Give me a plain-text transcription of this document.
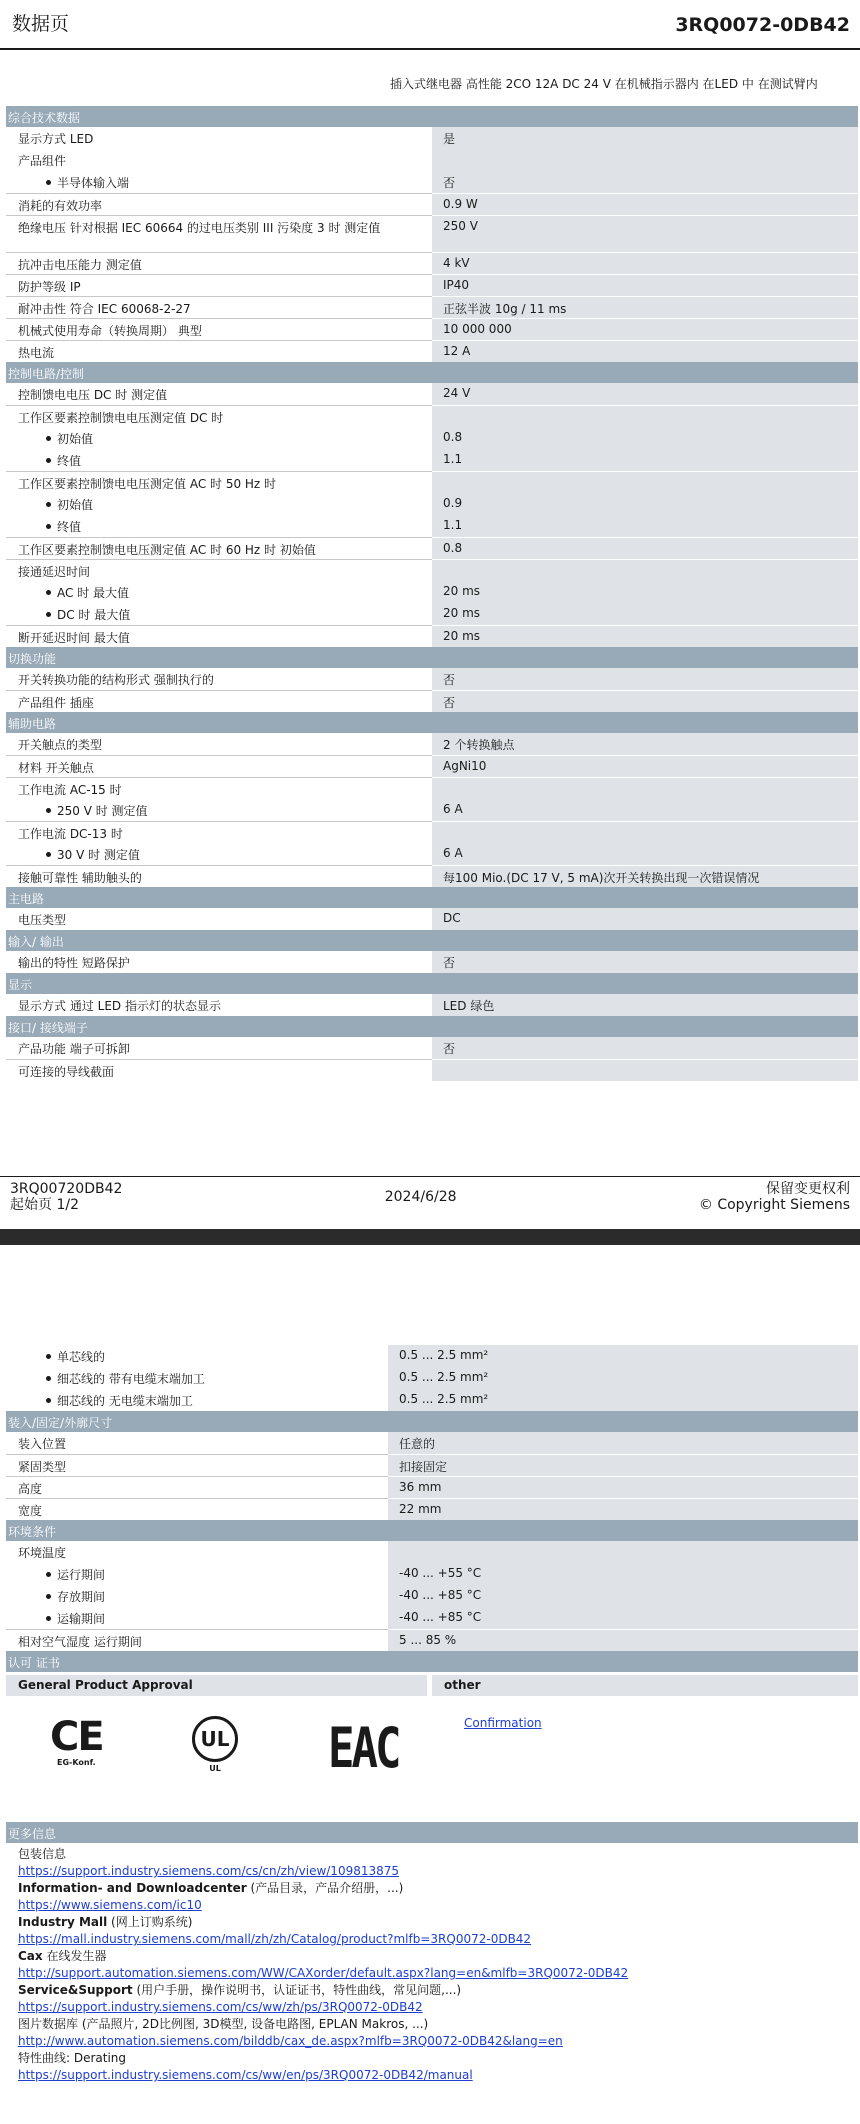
数据页	3RQ0072-0DB42
插入式继电器 高性能 2CO 12A DC 24 V 在机械指示器内 在LED 中 在测试臂内
综合技术数据	
显示方式 LED	是
产品组件	
半导体输入端	否
消耗的有效功率	0.9 W
绝缘电压 针对根据 IEC 60664 的过电压类别 III 污染度 3 时 测定值	250 V
抗冲击电压能力 测定值	4 kV
防护等级 IP	IP40
耐冲击性 符合 IEC 60068-2-27	正弦半波 10g / 11 ms
机械式使用寿命（转换周期） 典型	10 000 000
热电流	12 A
控制电路/控制	
控制馈电电压 DC 时 测定值	24 V
工作区要素控制馈电电压测定值 DC 时	
初始值	0.8
终值	1.1
工作区要素控制馈电电压测定值 AC 时 50 Hz 时	
初始值	0.9
终值	1.1
工作区要素控制馈电电压测定值 AC 时 60 Hz 时 初始值	0.8
接通延迟时间	
AC 时 最大值	20 ms
DC 时 最大值	20 ms
断开延迟时间 最大值	20 ms
切换功能	
开关转换功能的结构形式 强制执行的	否
产品组件 插座	否
辅助电路	
开关触点的类型	2 个转换触点
材料 开关触点	AgNi10
工作电流 AC-15 时	
250 V 时 测定值	6 A
工作电流 DC-13 时	
30 V 时 测定值	6 A
接触可靠性 辅助触头的	每100 Mio.(DC 17 V, 5 mA)次开关转换出现一次错误情况
主电路	
电压类型	DC
输入/ 输出	
输出的特性 短路保护	否
显示	
显示方式 通过 LED 指示灯的状态显示	LED 绿色
接口/ 接线端子	
产品功能 端子可拆卸	否
可连接的导线截面	
3RQ00720DB42
起始页 1/2	2024/6/28	保留变更权利
© Copyright Siemens
单芯线的	0.5 ... 2.5 mm²
细芯线的 带有电缆末端加工	0.5 ... 2.5 mm²
细芯线的 无电缆末端加工	0.5 ... 2.5 mm²
装入/固定/外廓尺寸	
装入位置	任意的
紧固类型	扣接固定
高度	36 mm
宽度	22 mm
环境条件	
环境温度	
运行期间	-40 ... +55 °C
存放期间	-40 ... +85 °C
运输期间	-40 ... +85 °C
相对空气湿度 运行期间	5 ... 85 %
认可 证书
General Product Approval	other
CE
EG-Konf.
UL
UL	EAC	Confirmation
更多信息
包装信息
https://support.industry.siemens.com/cs/cn/zh/view/109813875
Information- and Downloadcenter (产品目录，产品介绍册，...)
https://www.siemens.com/ic10
Industry Mall (网上订购系统)
https://mall.industry.siemens.com/mall/zh/zh/Catalog/product?mlfb=3RQ0072-0DB42
Cax 在线发生器
http://support.automation.siemens.com/WW/CAXorder/default.aspx?lang=en&mlfb=3RQ0072-0DB42
Service&Support (用户手册，操作说明书，认证证书，特性曲线，常见问题,...)
https://support.industry.siemens.com/cs/ww/zh/ps/3RQ0072-0DB42
图片数据库 (产品照片, 2D比例图, 3D模型, 设备电路图, EPLAN Makros, ...)
http://www.automation.siemens.com/bilddb/cax_de.aspx?mlfb=3RQ0072-0DB42&lang=en
特性曲线: Derating
https://support.industry.siemens.com/cs/ww/en/ps/3RQ0072-0DB42/manual
